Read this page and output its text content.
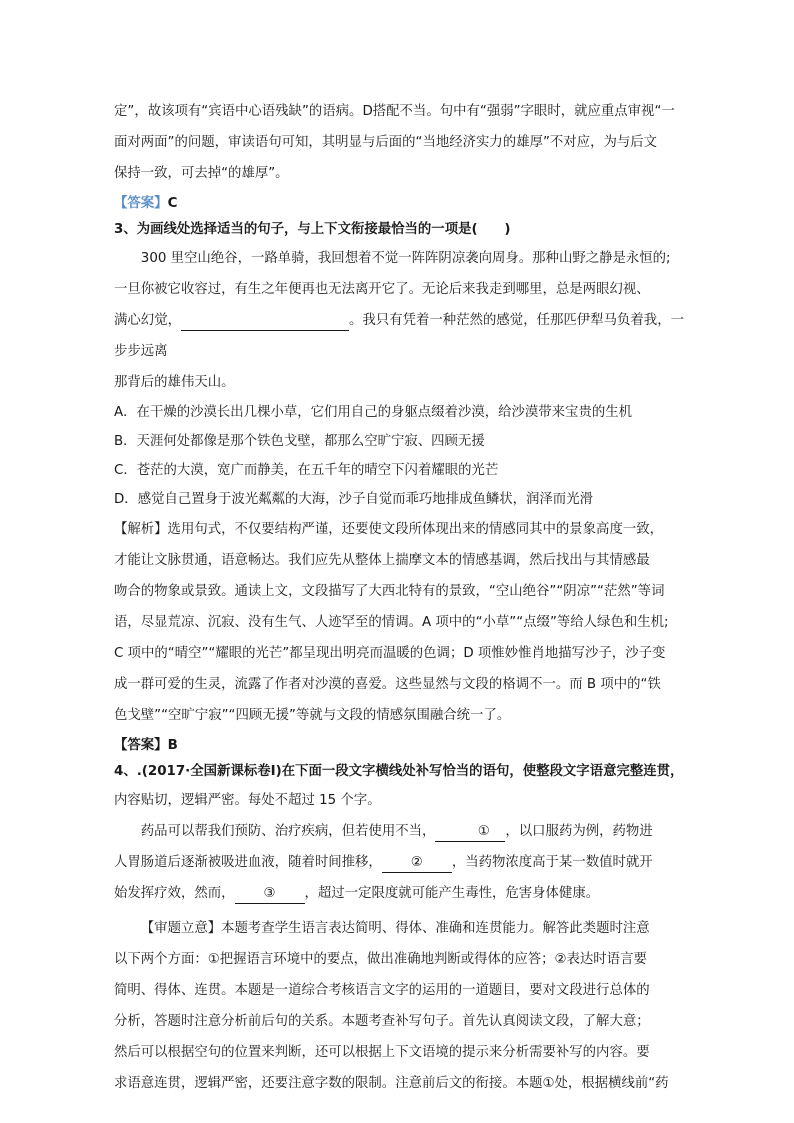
定”，故该项有“宾语中心语残缺”的语病。D搭配不当。句中有“强弱”字眼时，就应重点审视“一

面对两面”的问题，审读语句可知，其明显与后面的“当地经济实力的雄厚”不对应，为与后文

保持一致，可去掉“的雄厚”。

【答案】C

3、为画线处选择适当的句子，与上下文衔接最恰当的一项是(　　)

300 里空山绝谷，一路单骑，我回想着不觉一阵阵阴凉袭向周身。那种山野之静是永恒的;

一旦你被它收容过，有生之年便再也无法离开它了。无论后来我走到哪里，总是两眼幻视、

满心幻觉，	。我只有凭着一种茫然的感觉，任那匹伊犁马负着我，一步步远离

那背后的雄伟天山。

A．在干燥的沙漠长出几棵小草，它们用自己的身躯点缀着沙漠，给沙漠带来宝贵的生机

B．天涯何处都像是那个铁色戈壁，都那么空旷宁寂、四顾无援

C．苍茫的大漠，宽广而静美，在五千年的晴空下闪着耀眼的光芒

D．感觉自己置身于波光粼粼的大海，沙子自觉而乖巧地排成鱼鳞状，润泽而光滑

【解析】选用句式，不仅要结构严谨，还要使文段所体现出来的情感同其中的景象高度一致，

才能让文脉贯通，语意畅达。我们应先从整体上揣摩文本的情感基调，然后找出与其情感最

吻合的物象或景致。通读上文，文段描写了大西北特有的景致，“空山绝谷”“阴凉”“茫然”等词

语，尽显荒凉、沉寂、没有生气、人迹罕至的情调。A 项中的“小草”“点缀”等给人绿色和生机;

C 项中的“晴空”“耀眼的光芒”都呈现出明亮而温暖的色调；D 项惟妙惟肖地描写沙子，沙子变

成一群可爱的生灵，流露了作者对沙漠的喜爱。这些显然与文段的格调不一。而 B 项中的“铁

色戈壁”“空旷宁寂”“四顾无援”等就与文段的情感氛围融合统一了。

【答案】B

4、.(2017·全国新课标卷Ⅰ)在下面一段文字横线处补写恰当的语句，使整段文字语意完整连贯，

内容贴切，逻辑严密。每处不超过 15 个字。

药品可以帮我们预防、治疗疾病，但若使用不当，	① ，以口服药为例，药物进

人胃肠道后逐渐被吸进血液，随着时间推移， ② ，当药物浓度高于某一数值时就开

始发挥疗效，然而， ③ ，超过一定限度就可能产生毒性，危害身体健康。

【审题立意】本题考查学生语言表达简明、得体、准确和连贯能力。解答此类题时注意

以下两个方面：①把握语言环境中的要点，做出准确地判断或得体的应答；②表达时语言要

简明、得体、连贯。本题是一道综合考核语言文字的运用的一道题目，要对文段进行总体的

分析，答题时注意分析前后句的关系。本题考查补写句子。首先认真阅读文段，了解大意；

然后可以根据空句的位置来判断，还可以根据上下文语境的提示来分析需要补写的内容。要

求语意连贯，逻辑严密，还要注意字数的限制。注意前后文的衔接。本题①处，根据横线前“药
